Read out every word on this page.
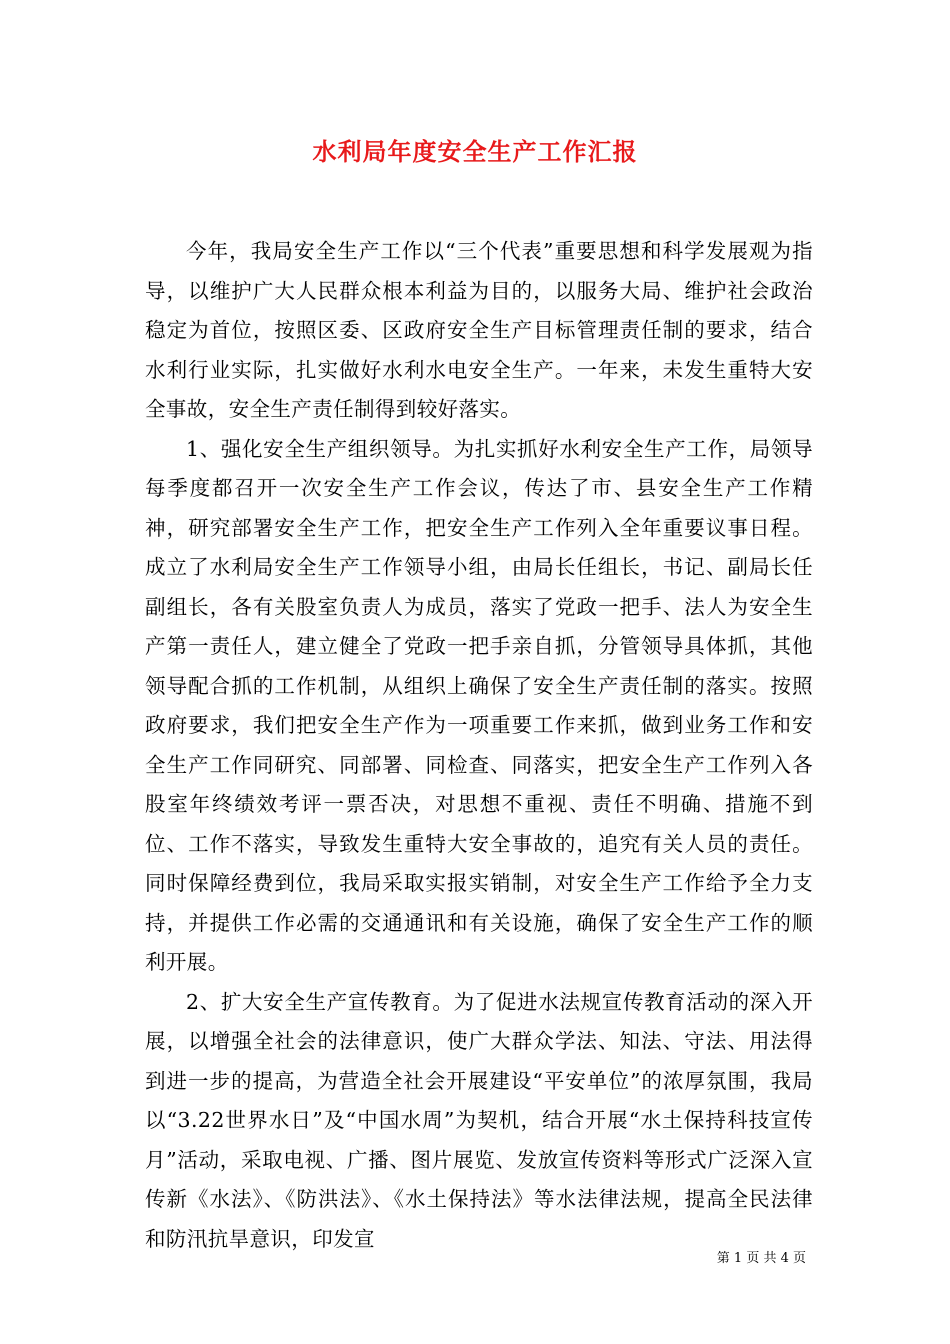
水利局年度安全生产工作汇报

今年，我局安全生产工作以“三个代表”重要思想和科学发展观为指导，以维护广大人民群众根本利益为目的，以服务大局、维护社会政治稳定为首位，按照区委、区政府安全生产目标管理责任制的要求，结合水利行业实际，扎实做好水利水电安全生产。一年来，未发生重特大安全事故，安全生产责任制得到较好落实。

1、强化安全生产组织领导。为扎实抓好水利安全生产工作，局领导每季度都召开一次安全生产工作会议，传达了市、县安全生产工作精神，研究部署安全生产工作，把安全生产工作列入全年重要议事日程。成立了水利局安全生产工作领导小组，由局长任组长，书记、副局长任副组长，各有关股室负责人为成员，落实了党政一把手、法人为安全生产第一责任人，建立健全了党政一把手亲自抓，分管领导具体抓，其他领导配合抓的工作机制，从组织上确保了安全生产责任制的落实。按照政府要求，我们把安全生产作为一项重要工作来抓，做到业务工作和安全生产工作同研究、同部署、同检查、同落实，把安全生产工作列入各股室年终绩效考评一票否决，对思想不重视、责任不明确、措施不到位、工作不落实，导致发生重特大安全事故的，追究有关人员的责任。同时保障经费到位，我局采取实报实销制，对安全生产工作给予全力支持，并提供工作必需的交通通讯和有关设施，确保了安全生产工作的顺利开展。

2、扩大安全生产宣传教育。为了促进水法规宣传教育活动的深入开展，以增强全社会的法律意识，使广大群众学法、知法、守法、用法得到进一步的提高，为营造全社会开展建设“平安单位”的浓厚氛围，我局以“3.22世界水日”及“中国水周”为契机，结合开展“水土保持科技宣传月”活动，采取电视、广播、图片展览、发放宣传资料等形式广泛深入宣传新《水法》、《防洪法》、《水土保持法》等水法律法规，提高全民法律和防汛抗旱意识，印发宣

第 1 页 共 4 页
